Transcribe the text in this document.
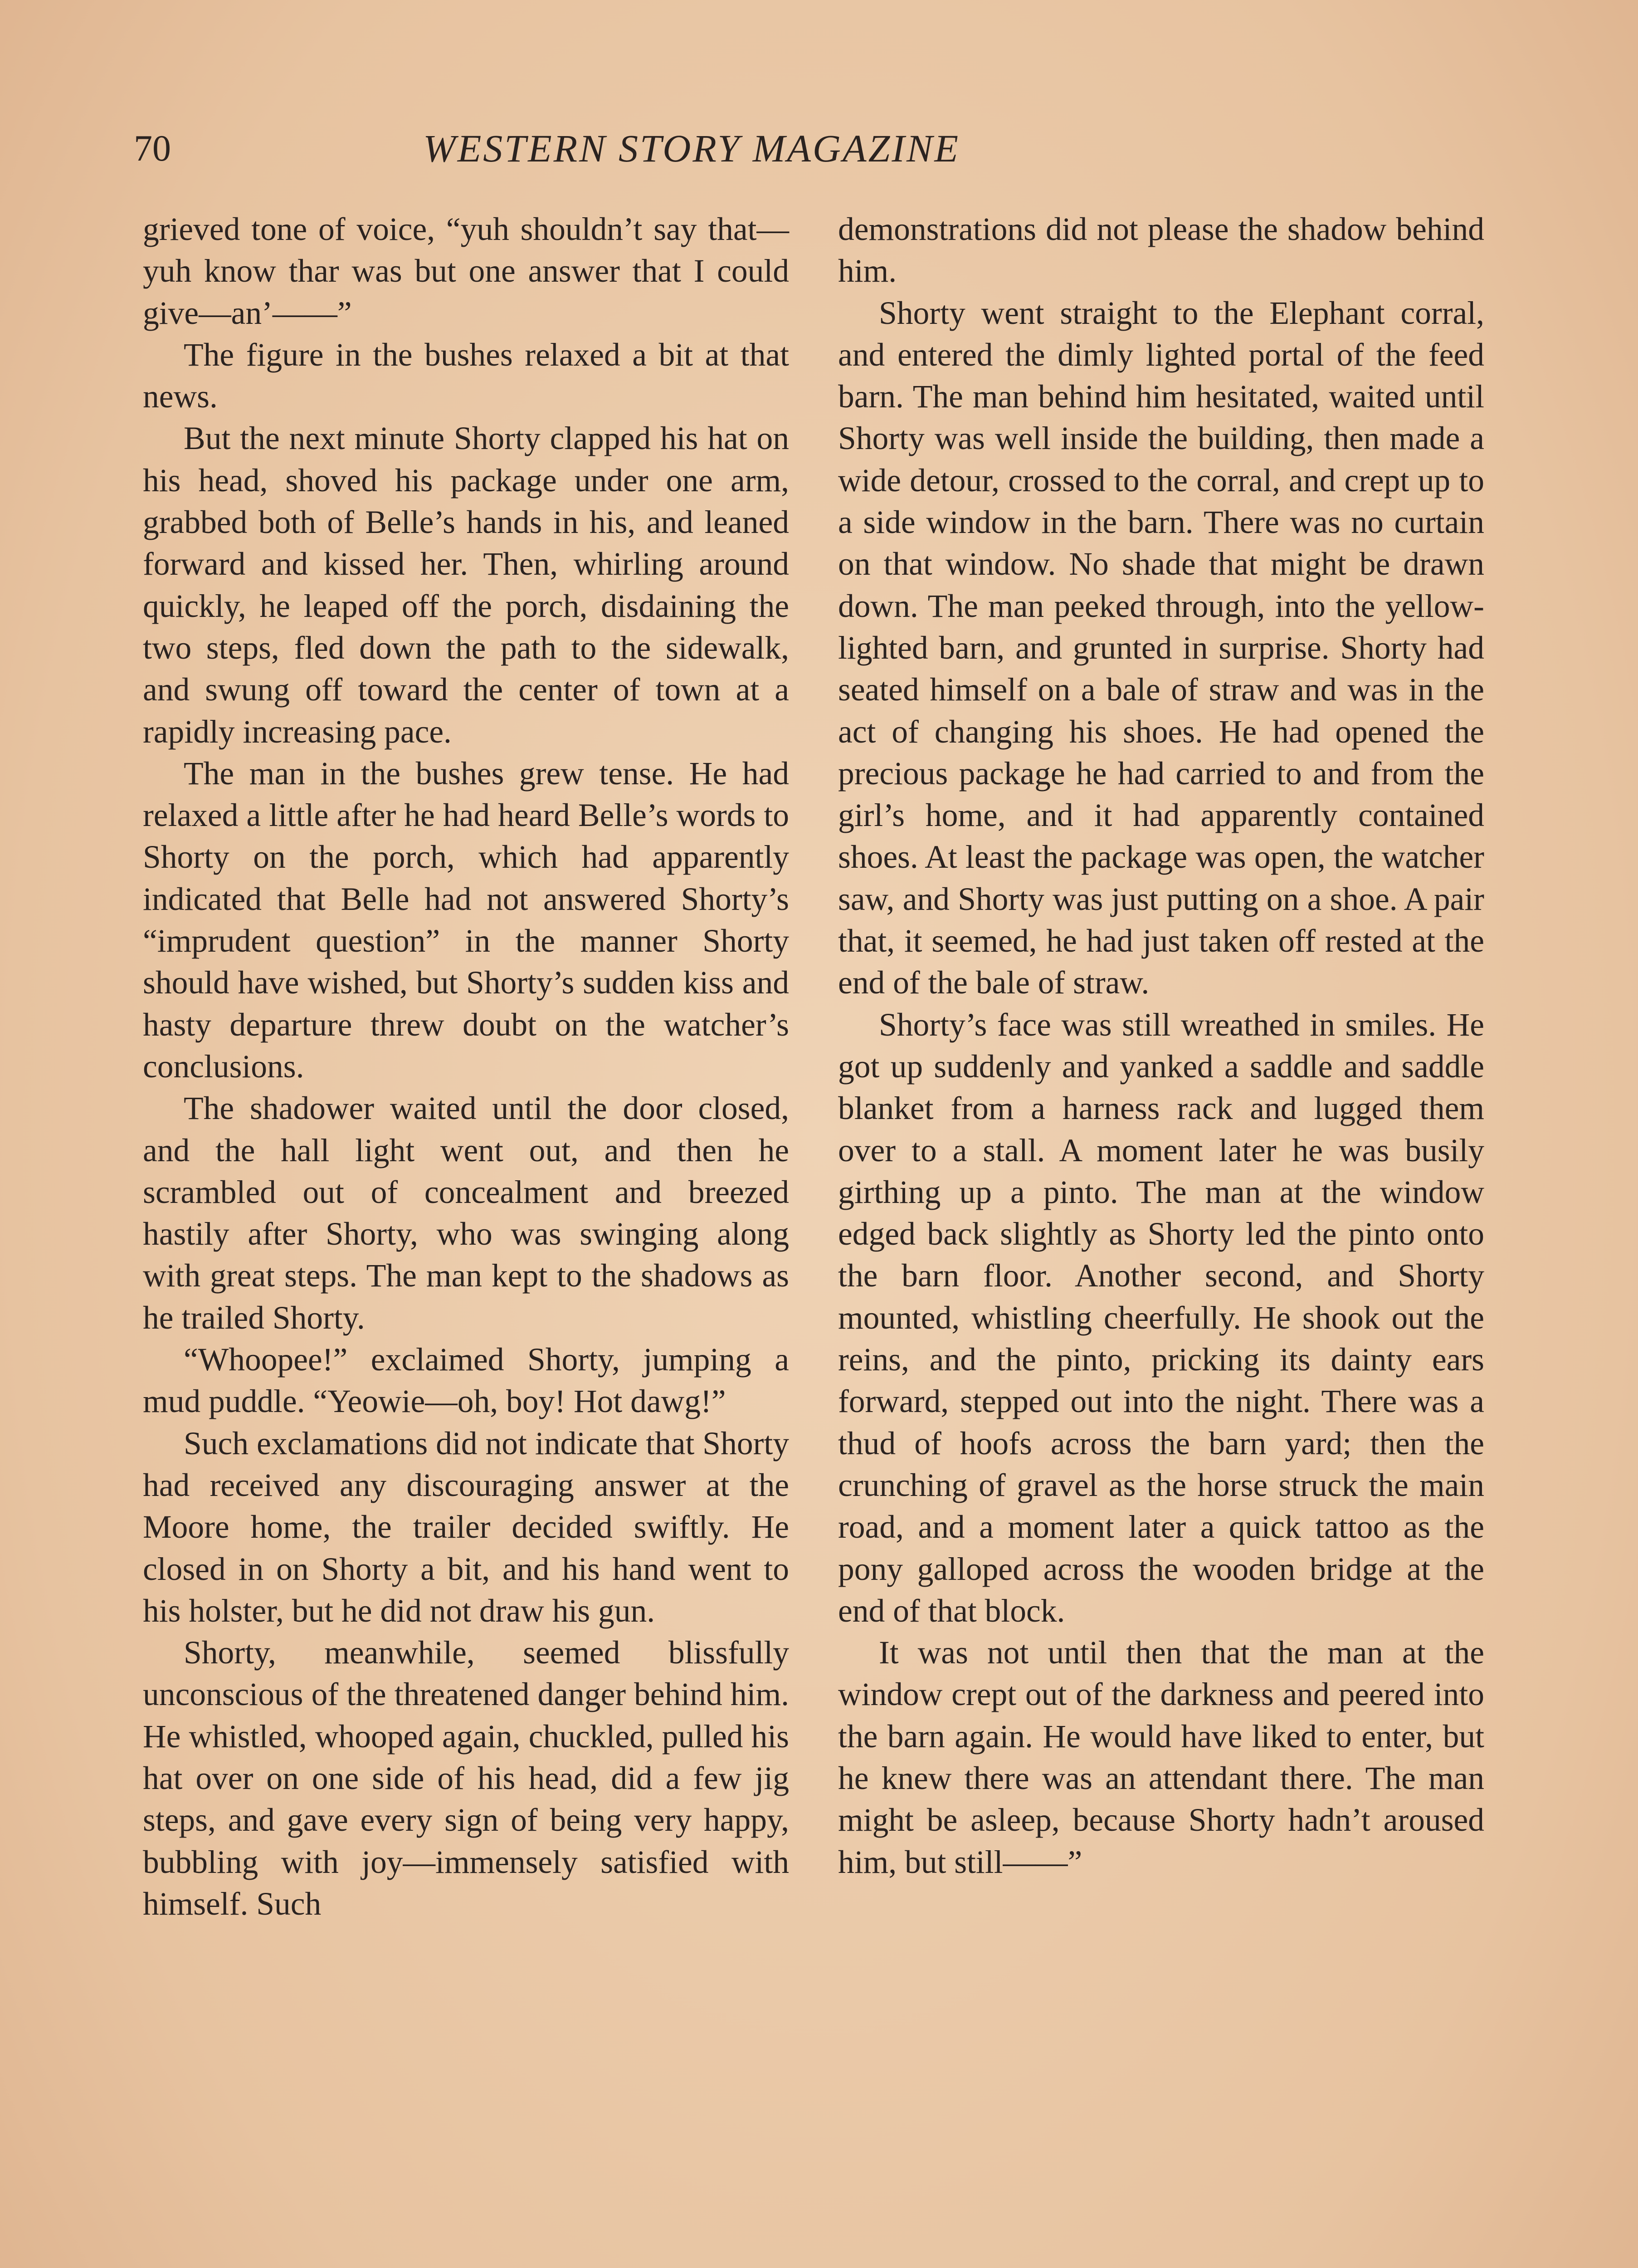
70	WESTERN STORY MAGAZINE

grieved tone of voice, “yuh shouldn’t say that—yuh know thar was but one answer that I could give—an’——”

The figure in the bushes relaxed a bit at that news.

But the next minute Shorty clapped his hat on his head, shoved his package under one arm, grabbed both of Belle’s hands in his, and leaned forward and kissed her. Then, whirling around quickly, he leaped off the porch, disdaining the two steps, fled down the path to the sidewalk, and swung off toward the center of town at a rapidly increasing pace.

The man in the bushes grew tense. He had relaxed a little after he had heard Belle’s words to Shorty on the porch, which had apparently indicated that Belle had not answered Shorty’s “imprudent question” in the manner Shorty should have wished, but Shorty’s sudden kiss and hasty departure threw doubt on the watcher’s conclusions.

The shadower waited until the door closed, and the hall light went out, and then he scrambled out of concealment and breezed hastily after Shorty, who was swinging along with great steps. The man kept to the shadows as he trailed Shorty.

“Whoopee!” exclaimed Shorty, jumping a mud puddle. “Yeowie—oh, boy! Hot dawg!”

Such exclamations did not indicate that Shorty had received any discouraging answer at the Moore home, the trailer decided swiftly. He closed in on Shorty a bit, and his hand went to his holster, but he did not draw his gun.

Shorty, meanwhile, seemed blissfully unconscious of the threatened danger behind him. He whistled, whooped again, chuckled, pulled his hat over on one side of his head, did a few jig steps, and gave every sign of being very happy, bubbling with joy—immensely satisfied with himself. Such

demonstrations did not please the shadow behind him.

Shorty went straight to the Elephant corral, and entered the dimly lighted portal of the feed barn. The man behind him hesitated, waited until Shorty was well inside the building, then made a wide detour, crossed to the corral, and crept up to a side window in the barn. There was no curtain on that window. No shade that might be drawn down. The man peeked through, into the yellow-lighted barn, and grunted in surprise. Shorty had seated himself on a bale of straw and was in the act of changing his shoes. He had opened the precious package he had carried to and from the girl’s home, and it had apparently contained shoes. At least the package was open, the watcher saw, and Shorty was just putting on a shoe. A pair that, it seemed, he had just taken off rested at the end of the bale of straw.

Shorty’s face was still wreathed in smiles. He got up suddenly and yanked a saddle and saddle blanket from a harness rack and lugged them over to a stall. A moment later he was busily girthing up a pinto. The man at the window edged back slightly as Shorty led the pinto onto the barn floor. Another second, and Shorty mounted, whistling cheerfully. He shook out the reins, and the pinto, pricking its dainty ears forward, stepped out into the night. There was a thud of hoofs across the barn yard; then the crunching of gravel as the horse struck the main road, and a moment later a quick tattoo as the pony galloped across the wooden bridge at the end of that block.

It was not until then that the man at the window crept out of the darkness and peered into the barn again. He would have liked to enter, but he knew there was an attendant there. The man might be asleep, because Shorty hadn’t aroused him, but still——”
